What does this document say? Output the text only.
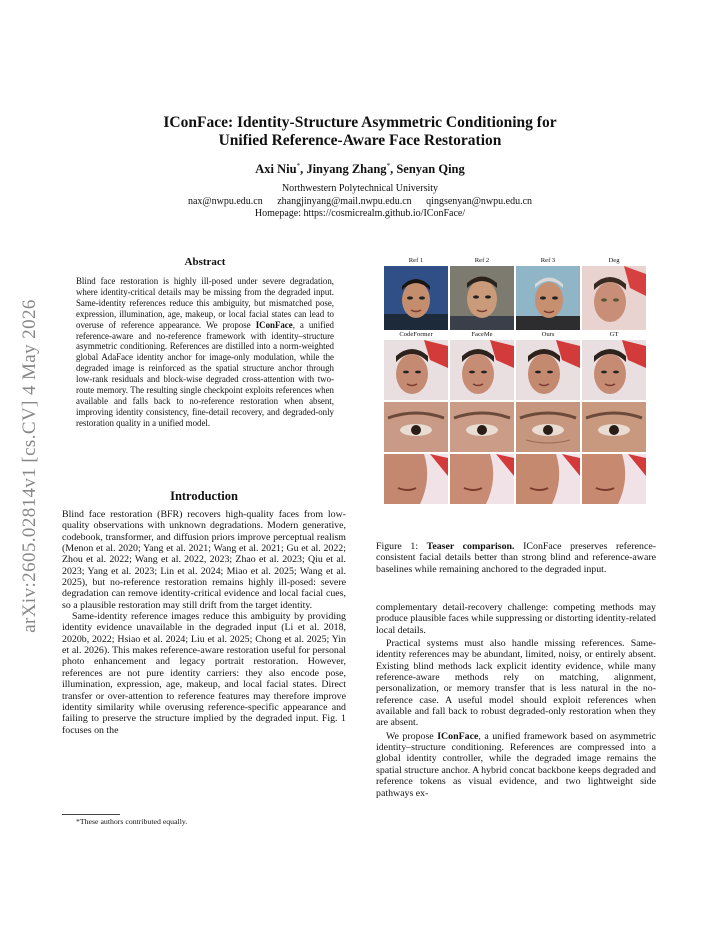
arXiv:2605.02814v1 [cs.CV] 4 May 2026
IConFace: Identity-Structure Asymmetric Conditioning for
Unified Reference-Aware Face Restoration
Axi Niu*, Jinyang Zhang*, Senyan Qing
Northwestern Polytechnical University
nax@nwpu.edu.cn zhangjinyang@mail.nwpu.edu.cn qingsenyan@nwpu.edu.cn
Homepage: https://cosmicrealm.github.io/IConFace/
Abstract
Blind face restoration is highly ill-posed under severe degradation, where identity-critical details may be missing from the degraded input. Same-identity references reduce this ambiguity, but mismatched pose, expression, illumination, age, makeup, or local facial states can lead to overuse of reference appearance. We propose IConFace, a unified reference-aware and no-reference framework with identity–structure asymmetric conditioning. References are distilled into a norm-weighted global AdaFace identity anchor for image-only modulation, while the degraded image is reinforced as the spatial structure anchor through low-rank residuals and block-wise degraded cross-attention with two-route memory. The resulting single checkpoint exploits references when available and falls back to no-reference restoration when absent, improving identity consistency, fine-detail recovery, and degraded-only restoration quality in a unified model.
Introduction

Blind face restoration (BFR) recovers high-quality faces from low-quality observations with unknown degradations. Modern generative, codebook, transformer, and diffusion priors improve perceptual realism (Menon et al. 2020; Yang et al. 2021; Wang et al. 2021; Gu et al. 2022; Zhou et al. 2022; Wang et al. 2022, 2023; Zhao et al. 2023; Qiu et al. 2023; Yang et al. 2023; Lin et al. 2024; Miao et al. 2025; Wang et al. 2025), but no-reference restoration remains highly ill-posed: severe degradation can remove identity-critical evidence and local facial cues, so a plausible restoration may still drift from the target identity.

Same-identity reference images reduce this ambiguity by providing identity evidence unavailable in the degraded input (Li et al. 2018, 2020b, 2022; Hsiao et al. 2024; Liu et al. 2025; Chong et al. 2025; Yin et al. 2026). This makes reference-aware restoration useful for personal photo enhancement and legacy portrait restoration. However, references are not pure identity carriers: they also encode pose, illumination, expression, age, makeup, and local facial states. Direct transfer or over-attention to reference features may therefore improve identity similarity while overusing reference-specific appearance and failing to preserve the structure implied by the degraded input. Fig. 1 focuses on the

*These authors contributed equally.
Ref 1	Ref 2	Ref 3	Deg
CodeFormer	FaceMe	Ours	GT
Figure 1: Teaser comparison. IConFace preserves reference-consistent facial details better than strong blind and reference-aware baselines while remaining anchored to the degraded input.

complementary detail-recovery challenge: competing methods may produce plausible faces while suppressing or distorting identity-related local details.

Practical systems must also handle missing references. Same-identity references may be abundant, limited, noisy, or entirely absent. Existing blind methods lack explicit identity evidence, while many reference-aware methods rely on matching, alignment, personalization, or memory transfer that is less natural in the no-reference case. A useful model should exploit references when available and fall back to robust degraded-only restoration when they are absent.

We propose IConFace, a unified framework based on asymmetric identity–structure conditioning. References are compressed into a global identity controller, while the degraded image remains the spatial structure anchor. A hybrid concat backbone keeps degraded and reference tokens as visual evidence, and two lightweight side pathways ex-
